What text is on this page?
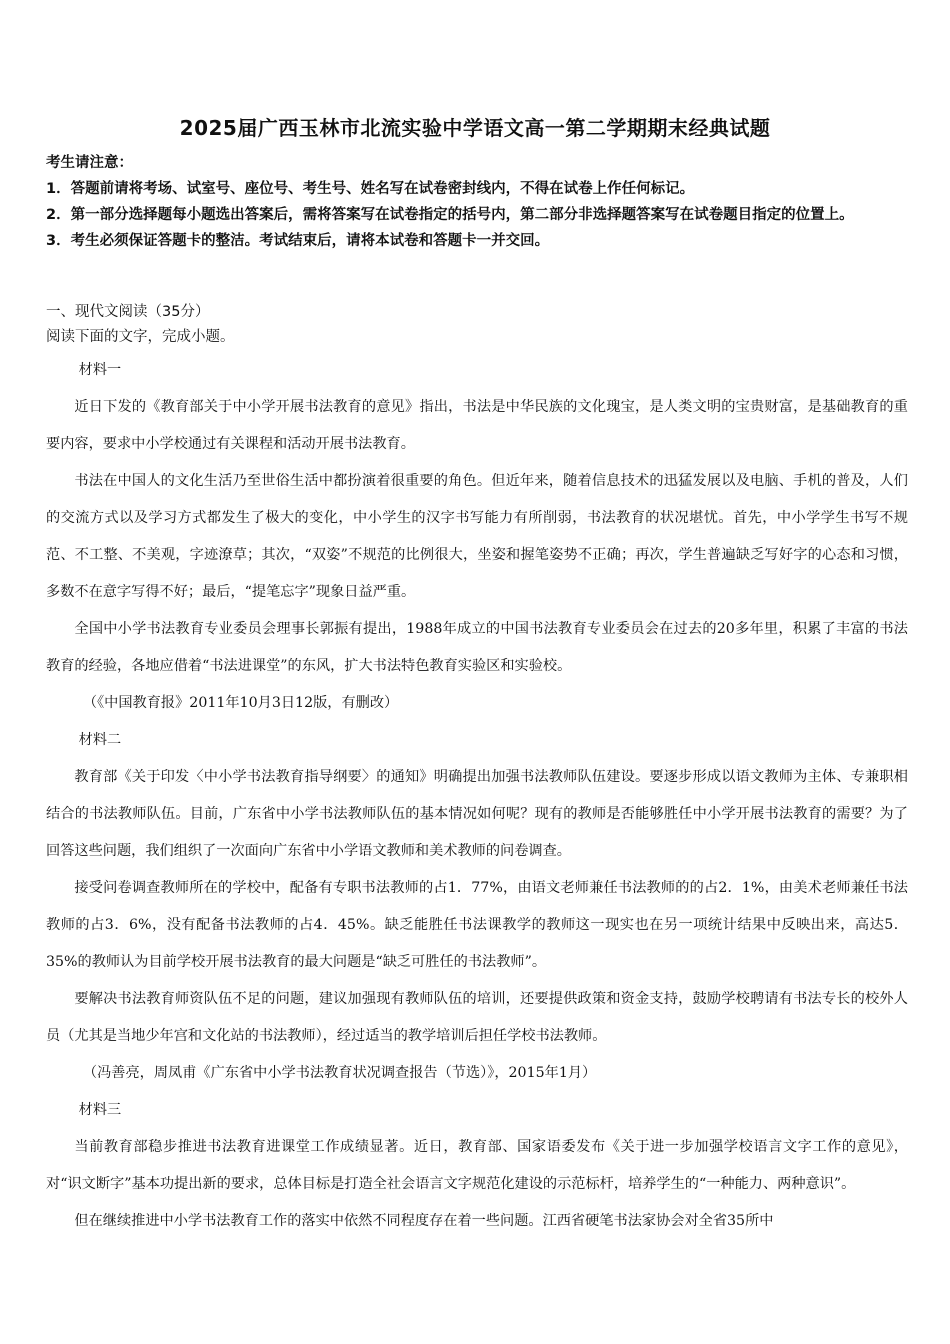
2025届广西玉林市北流实验中学语文高一第二学期期末经典试题
考生请注意：
1．答题前请将考场、试室号、座位号、考生号、姓名写在试卷密封线内，不得在试卷上作任何标记。
2．第一部分选择题每小题选出答案后，需将答案写在试卷指定的括号内，第二部分非选择题答案写在试卷题目指定的位置上。
3．考生必须保证答题卡的整洁。考试结束后，请将本试卷和答题卡一并交回。
一、现代文阅读（35分）
阅读下面的文字，完成小题。

材料一

近日下发的《教育部关于中小学开展书法教育的意见》指出，书法是中华民族的文化瑰宝，是人类文明的宝贵财富，是基础教育的重要内容，要求中小学校通过有关课程和活动开展书法教育。

书法在中国人的文化生活乃至世俗生活中都扮演着很重要的角色。但近年来，随着信息技术的迅猛发展以及电脑、手机的普及，人们的交流方式以及学习方式都发生了极大的变化，中小学生的汉字书写能力有所削弱，书法教育的状况堪忧。首先，中小学学生书写不规范、不工整、不美观，字迹潦草；其次，“双姿”不规范的比例很大，坐姿和握笔姿势不正确；再次，学生普遍缺乏写好字的心态和习惯，多数不在意字写得不好；最后，“提笔忘字”现象日益严重。

全国中小学书法教育专业委员会理事长郭振有提出，1988年成立的中国书法教育专业委员会在过去的20多年里，积累了丰富的书法教育的经验，各地应借着“书法进课堂”的东风，扩大书法特色教育实验区和实验校。

（《中国教育报》2011年10月3日12版，有删改）

材料二

教育部《关于印发〈中小学书法教育指导纲要〉的通知》明确提出加强书法教师队伍建设。要逐步形成以语文教师为主体、专兼职相结合的书法教师队伍。目前，广东省中小学书法教师队伍的基本情况如何呢？现有的教师是否能够胜任中小学开展书法教育的需要？为了回答这些问题，我们组织了一次面向广东省中小学语文教师和美术教师的问卷调查。

接受问卷调查教师所在的学校中，配备有专职书法教师的占1．77%，由语文老师兼任书法教师的的占2．1%，由美术老师兼任书法教师的占3．6%，没有配备书法教师的占4．45%。缺乏能胜任书法课教学的教师这一现实也在另一项统计结果中反映出来，高达5．35%的教师认为目前学校开展书法教育的最大问题是“缺乏可胜任的书法教师”。

要解决书法教育师资队伍不足的问题，建议加强现有教师队伍的培训，还要提供政策和资金支持，鼓励学校聘请有书法专长的校外人员（尤其是当地少年宫和文化站的书法教师），经过适当的教学培训后担任学校书法教师。

（冯善亮，周凤甫《广东省中小学书法教育状况调查报告（节选）》，2015年1月）

材料三

当前教育部稳步推进书法教育进课堂工作成绩显著。近日，教育部、国家语委发布《关于进一步加强学校语言文字工作的意见》，对“识文断字”基本功提出新的要求，总体目标是打造全社会语言文字规范化建设的示范标杆，培养学生的“一种能力、两种意识”。

但在继续推进中小学书法教育工作的落实中依然不同程度存在着一些问题。江西省硬笔书法家协会对全省35所中
